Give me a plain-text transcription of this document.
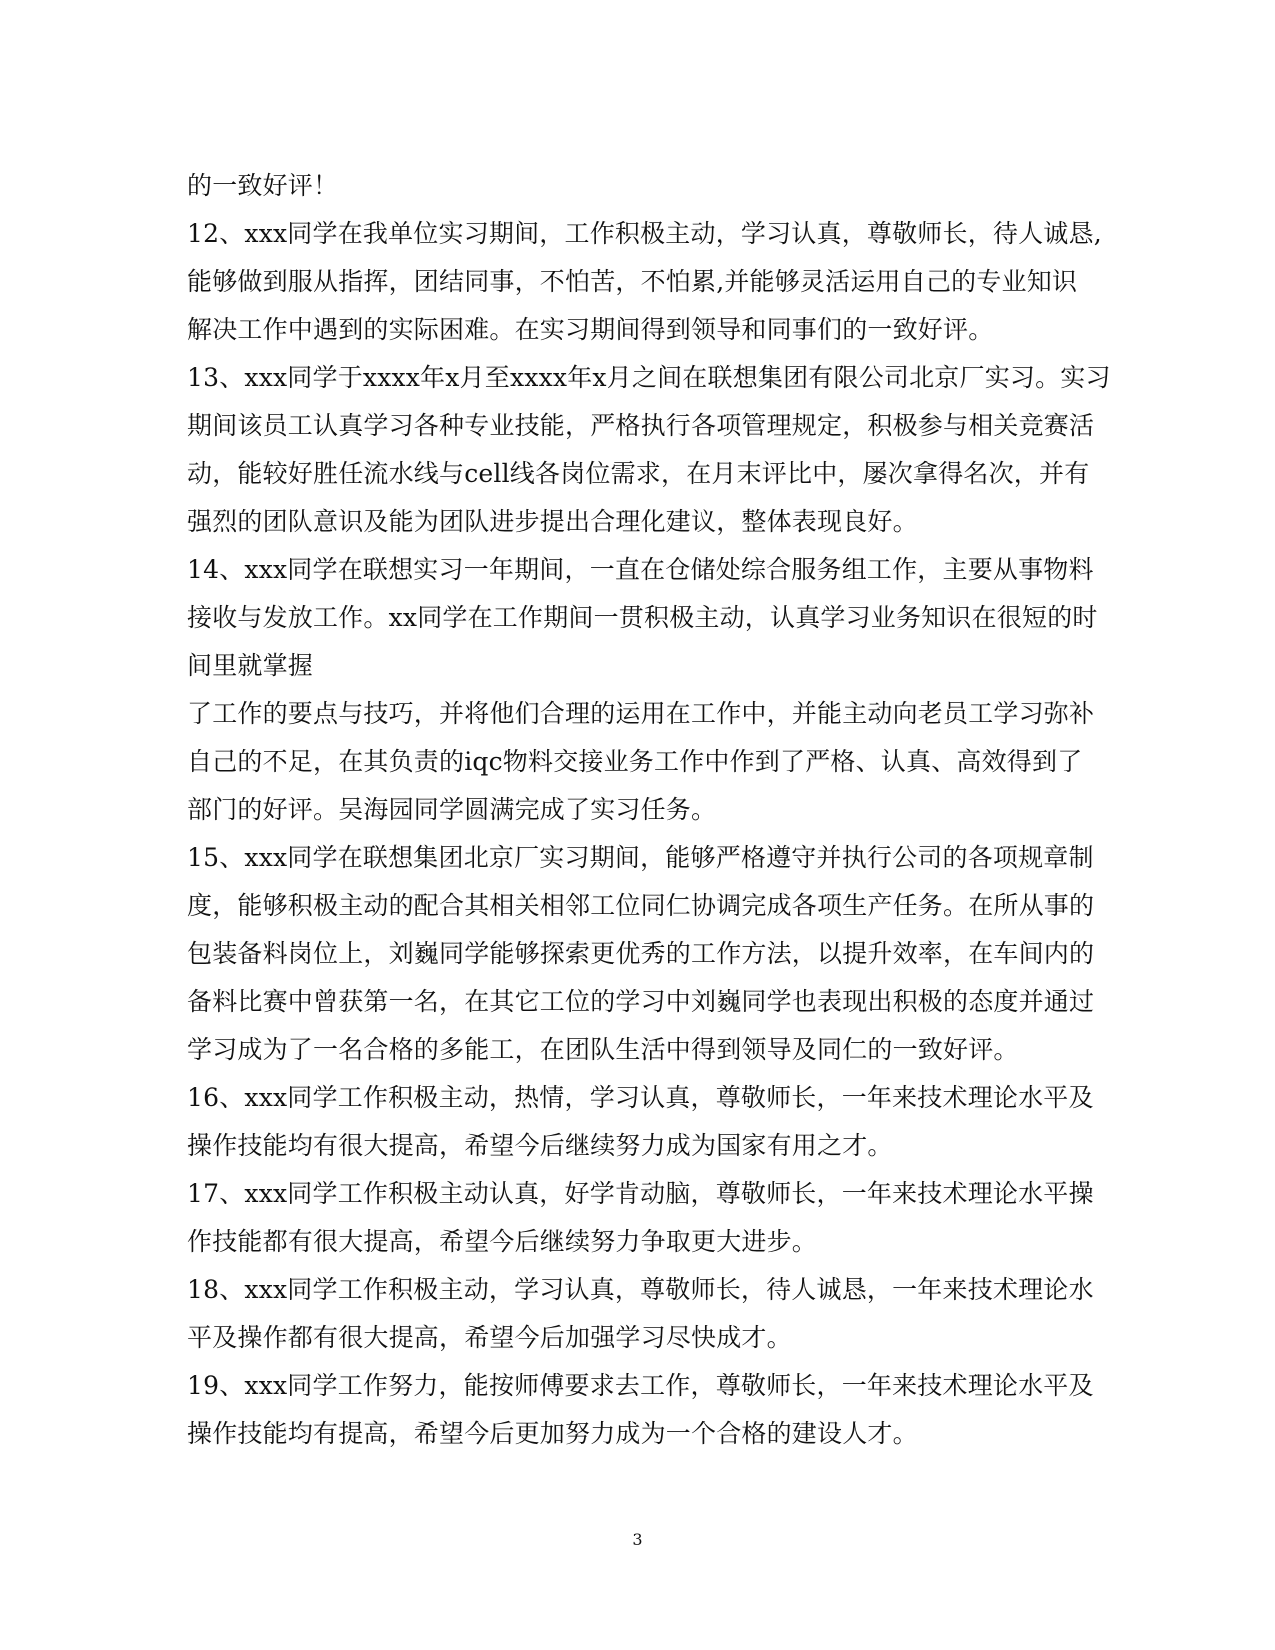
的一致好评！
12、xxx同学在我单位实习期间，工作积极主动，学习认真，尊敬师长，待人诚恳,
能够做到服从指挥，团结同事，不怕苦，不怕累,并能够灵活运用自己的专业知识
解决工作中遇到的实际困难。在实习期间得到领导和同事们的一致好评。
13、xxx同学于xxxx年x月至xxxx年x月之间在联想集团有限公司北京厂实习。实习
期间该员工认真学习各种专业技能，严格执行各项管理规定，积极参与相关竞赛活
动，能较好胜任流水线与cell线各岗位需求，在月末评比中，屡次拿得名次，并有
强烈的团队意识及能为团队进步提出合理化建议，整体表现良好。
14、xxx同学在联想实习一年期间，一直在仓储处综合服务组工作，主要从事物料
接收与发放工作。xx同学在工作期间一贯积极主动，认真学习业务知识在很短的时
间里就掌握
了工作的要点与技巧，并将他们合理的运用在工作中，并能主动向老员工学习弥补
自己的不足，在其负责的iqc物料交接业务工作中作到了严格、认真、高效得到了
部门的好评。吴海园同学圆满完成了实习任务。
15、xxx同学在联想集团北京厂实习期间，能够严格遵守并执行公司的各项规章制
度，能够积极主动的配合其相关相邻工位同仁协调完成各项生产任务。在所从事的
包装备料岗位上，刘巍同学能够探索更优秀的工作方法，以提升效率，在车间内的
备料比赛中曾获第一名，在其它工位的学习中刘巍同学也表现出积极的态度并通过
学习成为了一名合格的多能工，在团队生活中得到领导及同仁的一致好评。
16、xxx同学工作积极主动，热情，学习认真，尊敬师长，一年来技术理论水平及
操作技能均有很大提高，希望今后继续努力成为国家有用之才。
17、xxx同学工作积极主动认真，好学肯动脑，尊敬师长，一年来技术理论水平操
作技能都有很大提高，希望今后继续努力争取更大进步。
18、xxx同学工作积极主动，学习认真，尊敬师长，待人诚恳，一年来技术理论水
平及操作都有很大提高，希望今后加强学习尽快成才。
19、xxx同学工作努力，能按师傅要求去工作，尊敬师长，一年来技术理论水平及
操作技能均有提高，希望今后更加努力成为一个合格的建设人才。
3
